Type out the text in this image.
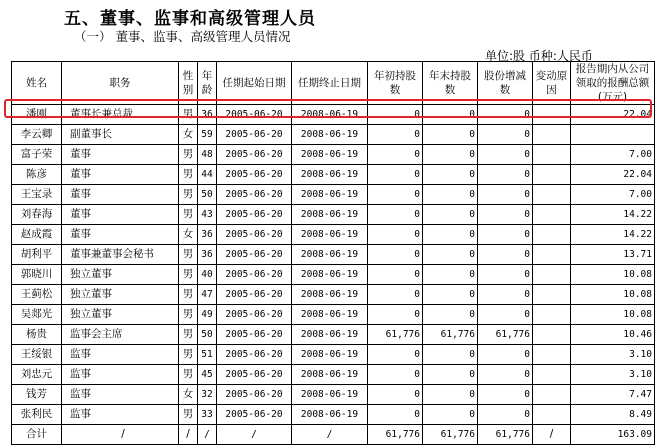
五、董事、监事和高级管理人员
（一） 董事、监事、高级管理人员情况
单位:股 币种:人民币
姓名	职务	性别	年龄	任期起始日期	任期终止日期	年初持股数	年末持股数	股份增减数	变动原因	报告期内从公司领取的报酬总额(万元)
潘刚	董事长兼总裁	男	36	2005-06-20	2008-06-19	0	0	0		22.04
李云卿	副董事长	女	59	2005-06-20	2008-06-19	0	0	0		
富子荣	董事	男	48	2005-06-20	2008-06-19	0	0	0		7.00
陈彦	董事	男	44	2005-06-20	2008-06-19	0	0	0		22.04
王宝录	董事	男	50	2005-06-20	2008-06-19	0	0	0		7.00
刘春海	董事	男	43	2005-06-20	2008-06-19	0	0	0		14.22
赵成霞	董事	女	36	2005-06-20	2008-06-19	0	0	0		14.22
胡利平	董事兼董事会秘书	男	36	2005-06-20	2008-06-19	0	0	0		13.71
郭晓川	独立董事	男	40	2005-06-20	2008-06-19	0	0	0		10.08
王蓟松	独立董事	男	47	2005-06-20	2008-06-19	0	0	0		10.08
吴郯光	独立董事	男	49	2005-06-20	2008-06-19	0	0	0		10.08
杨贵	监事会主席	男	50	2005-06-20	2008-06-19	61,776	61,776	61,776		10.46
王绥银	监事	男	51	2005-06-20	2008-06-19	0	0	0		3.10
刘忠元	监事	男	45	2005-06-20	2008-06-19	0	0	0		3.10
钱芳	监事	女	32	2005-06-20	2008-06-19	0	0	0		7.47
张利民	监事	男	33	2005-06-20	2008-06-19	0	0	0		8.49
合计	/	/	/	/	/	61,776	61,776	61,776	/	163.09
